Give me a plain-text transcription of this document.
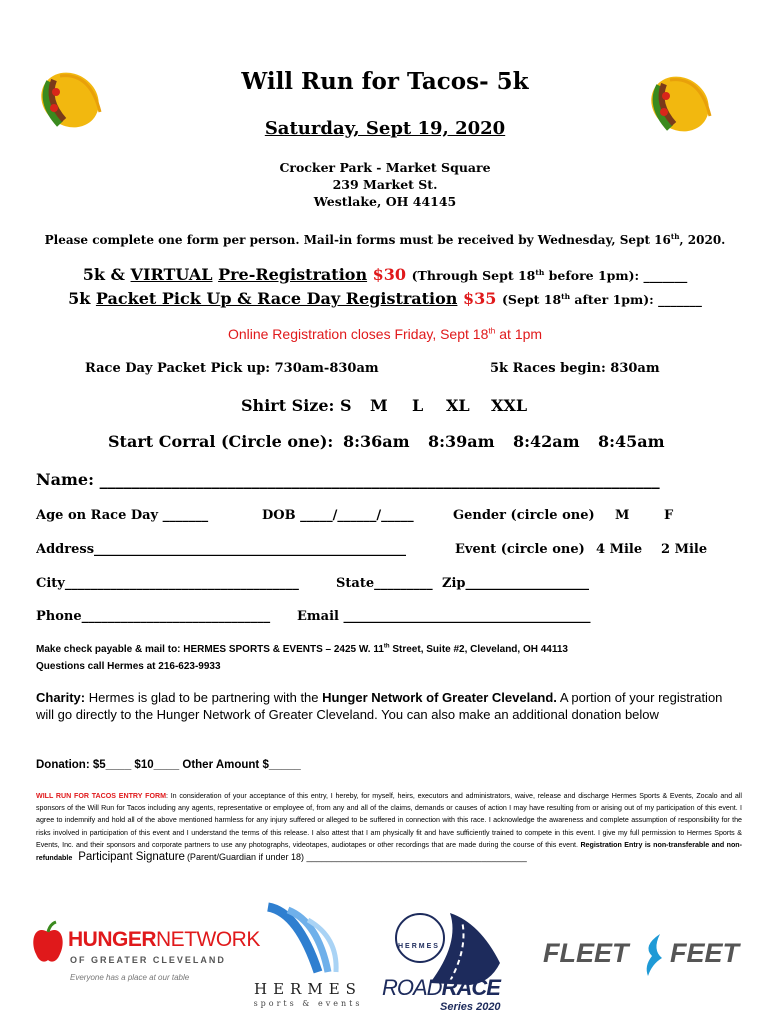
Will Run for Tacos- 5k
Saturday, Sept 19, 2020
Crocker Park - Market Square
239 Market St.
Westlake, OH 44145
Please complete one form per person. Mail-in forms must be received by Wednesday, Sept 16th, 2020.
5k & VIRTUAL Pre-Registration $30 (Through Sept 18th before 1pm): _______
5k Packet Pick Up & Race Day Registration $35 (Sept 18th after 1pm): _______
Online Registration closes Friday, Sept 18th at 1pm
Race Day Packet Pick up: 730am-830am	5k Races begin: 830am
Shirt Size: S M L XL XXL
Start Corral (Circle one): 8:36am 8:39am 8:42am 8:45am
Name: ______________________________________________________________________
Age on Race Day _______	DOB _____/______/_____	Gender (circle one) M	F
Address________________________________________________	Event (circle one) 4 Mile 2 Mile
City____________________________________	State_________ Zip___________________
Phone_____________________________	Email ______________________________________
Make check payable & mail to: HERMES SPORTS & EVENTS – 2425 W. 11th Street, Suite #2, Cleveland, OH 44113
Questions call Hermes at 216-623-9933
Charity: Hermes is glad to be partnering with the Hunger Network of Greater Cleveland. A portion of your registration will go directly to the Hunger Network of Greater Cleveland. You can also make an additional donation below
Donation: $5____ $10____ Other Amount $_____
WILL RUN FOR TACOS ENTRY FORM: In consideration of your acceptance of this entry, I hereby, for myself, heirs, executors and administrators, waive, release and discharge Hermes Sports & Events, Zocalo and all sponsors of the Will Run for Tacos including any agents, representative or employee of, from any and all of the claims, demands or causes of action I may have resulting from or arising out of my participation of this event. I agree to indemnify and hold all of the above mentioned harmless for any injury suffered or alleged to be suffered in connection with this race. I acknowledge the awareness and complete assumption of responsibility for the risks involved in participation of this event and I understand the terms of this release. I also attest that I am physically fit and have sufficiently trained to compete in this event. I give my full permission to Hermes Sports & Events, Inc. and their sponsors and corporate partners to use any photographs, videotapes, audiotapes or other recordings that are made during the course of this event. Registration Entry is non-transferable and non-refundable Participant Signature (Parent/Guardian if under 18) ____________________________________________
HUNGERNETWORK
OF GREATER CLEVELAND
Everyone has a place at our table
HERMES
sports & events
HERMES
ROADRACE
Series 2020
FLEET FEET
